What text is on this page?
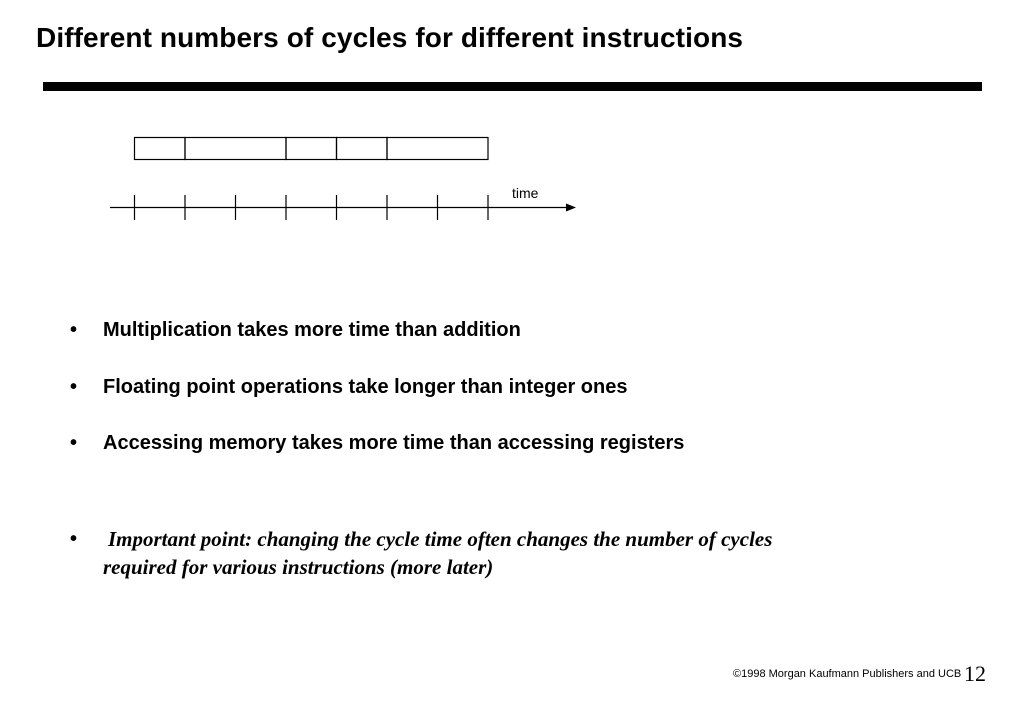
Different numbers of cycles for different instructions
time
• Multiplication takes more time than addition
• Floating point operations take longer than integer ones
• Accessing memory takes more time than accessing registers
• Important point: changing the cycle time often changes the number of cycles
required for various instructions (more later)
©1998 Morgan Kaufmann Publishers and UCB 12
